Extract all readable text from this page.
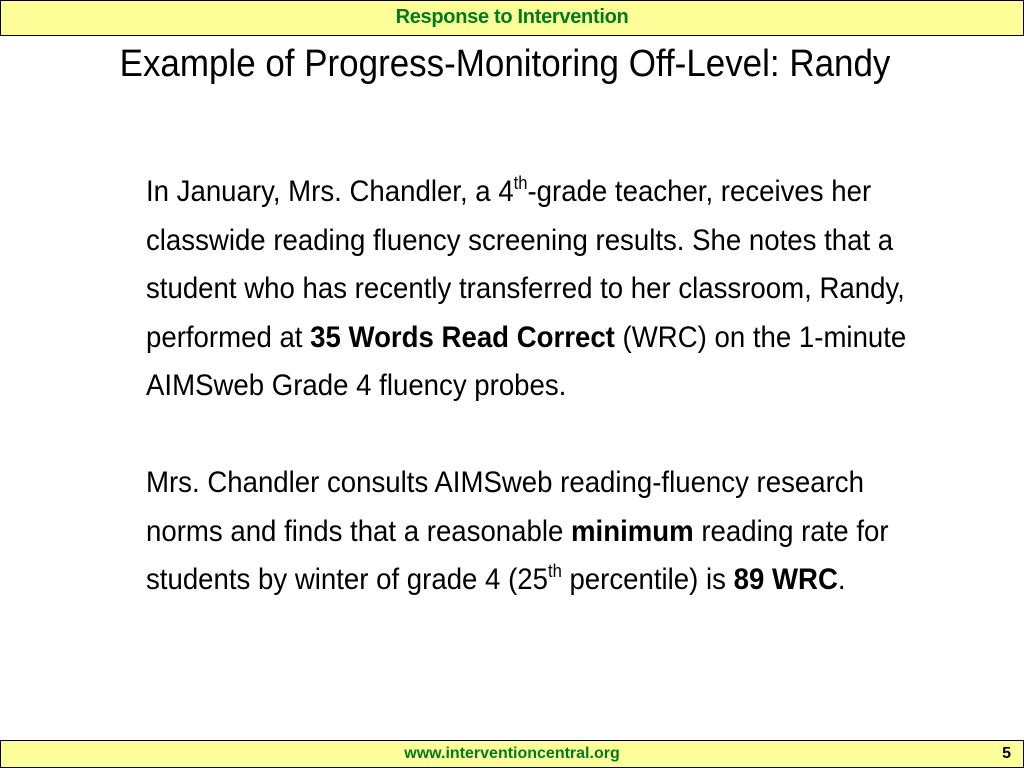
Response to Intervention
Example of Progress-Monitoring Off-Level: Randy

In January, Mrs. Chandler, a 4th-grade teacher, receives her classwide reading fluency screening results. She notes that a student who has recently transferred to her classroom, Randy, performed at 35 Words Read Correct (WRC) on the 1-minute AIMSweb Grade 4 fluency probes.

Mrs. Chandler consults AIMSweb reading-fluency research norms and finds that a reasonable minimum reading rate for students by winter of grade 4 (25th percentile) is 89 WRC.

www.interventioncentral.org	5
